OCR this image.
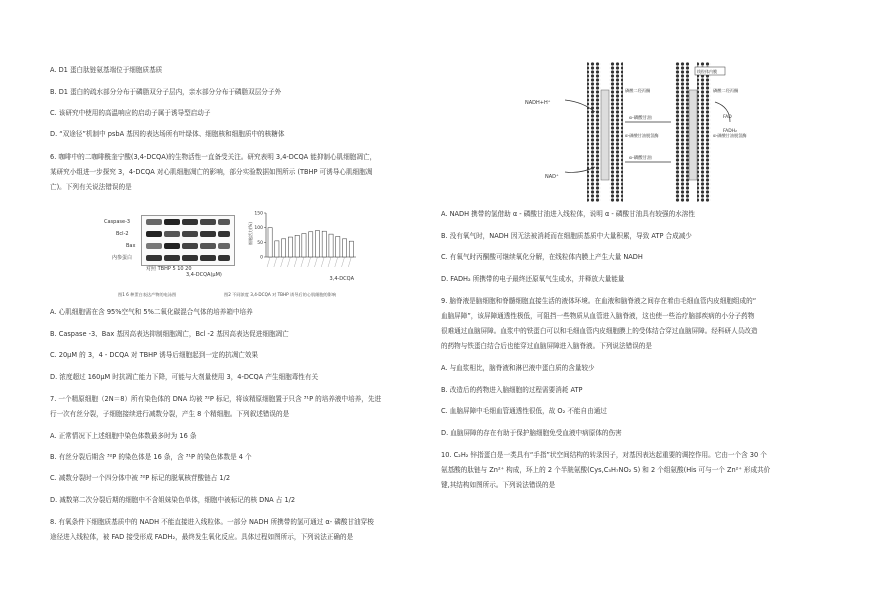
A. D1 蛋白肽链氨基端位于细胞质基质
B. D1 蛋白的疏水部分分布于磷脂双分子层内，亲水部分分布于磷脂双层分子外
C. 该研究中使用的高温响应的启动子属于诱导型启动子
D. “双途径”机制中 psbA 基因的表达场所有叶绿体、细胞核和细胞质中的核糖体
6. 咖啡中的二咖啡酰奎宁酸(3,4-DCQA)的生物活性一直备受关注。研究表明 3,4-DCQA 能抑制心肌细胞凋亡，
某研究小组进一步探究 3，4-DCQA 对心肌细胞凋亡的影响，部分实验数据如图所示 (TBHP 可诱导心肌细胞凋
亡)。下列有关说法错误的是
Caspase-3
Bcl-2
Bax
内参蛋白
对照 TBHP 5 10 20
3,4-DCQA(μM)
150
100
50
0
3,4-DCQA
细胞活力(%)
图1 6 种蛋白表达产物的电泳图	图2 不同浓度 3,4-DCQA 对 TBHP 诱导后的心肌细胞的影响
A. 心肌细胞需在含 95%空气和 5%二氧化碳混合气体的培养箱中培养
B. Caspase -3、Bax 基因高表达抑制细胞凋亡，Bcl -2 基因高表达促进细胞凋亡
C. 20μM 的 3，4 - DCQA 对 TBHP 诱导后细胞起到一定的抗凋亡效果
D. 浓度超过 160μM 时抗凋亡能力下降，可能与大剂量使用 3，4-DCQA 产生细胞毒性有关
7. 一个精原细胞（2N＝8）所有染色体的 DNA 均被 ³²P 标记，将该精原细胞置于只含 ³¹P 的培养液中培养，先进
行一次有丝分裂，子细胞接续进行减数分裂，产生 8 个精细胞。下列叙述错误的是
A. 正常情况下上述细胞中染色体数最多时为 16 条
B. 有丝分裂后期含 ³²P 的染色体是 16 条，含 ³¹P 的染色体数是 4 个
C. 减数分裂时一个四分体中被 ³²P 标记的脱氧核苷酸链占 1/2
D. 减数第二次分裂后期的细胞中不含姐妹染色单体，细胞中被标记的核 DNA 占 1/2
8. 有氧条件下细胞质基质中的 NADH 不能直接进入线粒体。一部分 NADH 所携带的氢可通过 α- 磷酸甘油穿梭
途径进入线粒体，被 FAD 接受形成 FADH₂，最终发生氧化反应。具体过程如图所示，下列说法正确的是
NADH+H⁺
NAD⁺
α-磷酸甘油
α-磷酸甘油
磷酸二羟丙酮
α-磷酸甘油脱氢酶
磷酸二羟丙酮
α-磷酸甘油脱氢酶
FAD
FADH₂
线粒体内膜
A. NADH 携带的氢借助 α - 磷酸甘油进入线粒体，说明 α - 磷酸甘油具有较强的水溶性
B. 没有氧气时，NADH 因无法被消耗而在细胞质基质中大量积累，导致 ATP 合成减少
C. 有氧气时丙酮酸可继续氧化分解，在线粒体内膜上产生大量 NADH
D. FADH₂ 所携带的电子最终还原氧气生成水，并释放大量能量
9. 脑脊液是脑细胞和脊髓细胞直接生活的液体环境。在血液和脑脊液之间存在着由毛细血管内皮细胞组成的“
血脑屏障”，该屏障通透性极低，可阻挡一些物质从血管进入脑脊液，这也使一些治疗脑部疾病的小分子药物
很难通过血脑屏障。血浆中的铁蛋白可以和毛细血管内皮细胞膜上的受体结合穿过血脑屏障。经科研人员改造
的药物与铁蛋白结合后也能穿过血脑屏障进入脑脊液。下列说法错误的是
A. 与血浆相比，脑脊液和淋巴液中蛋白质的含量较少
B. 改造后的药物进入脑细胞的过程需要消耗 ATP
C. 血脑屏障中毛细血管通透性很低，故 O₂ 不能自由通过
D. 血脑屏障的存在有助于保护脑细胞免受血液中病原体的伤害
10. C₂H₂ 锌指蛋白是一类具有“手指”状空间结构的转录因子，对基因表达起重要的调控作用。它由一个含 30 个
氨基酸的肽链与 Zn²⁺ 构成，环上的 2 个半胱氨酸(Cys,C₃H₇NO₂ S) 和 2 个组氨酸(His 可与一个 Zn²⁺ 形成共价
键,其结构如图所示。下列说法错误的是
